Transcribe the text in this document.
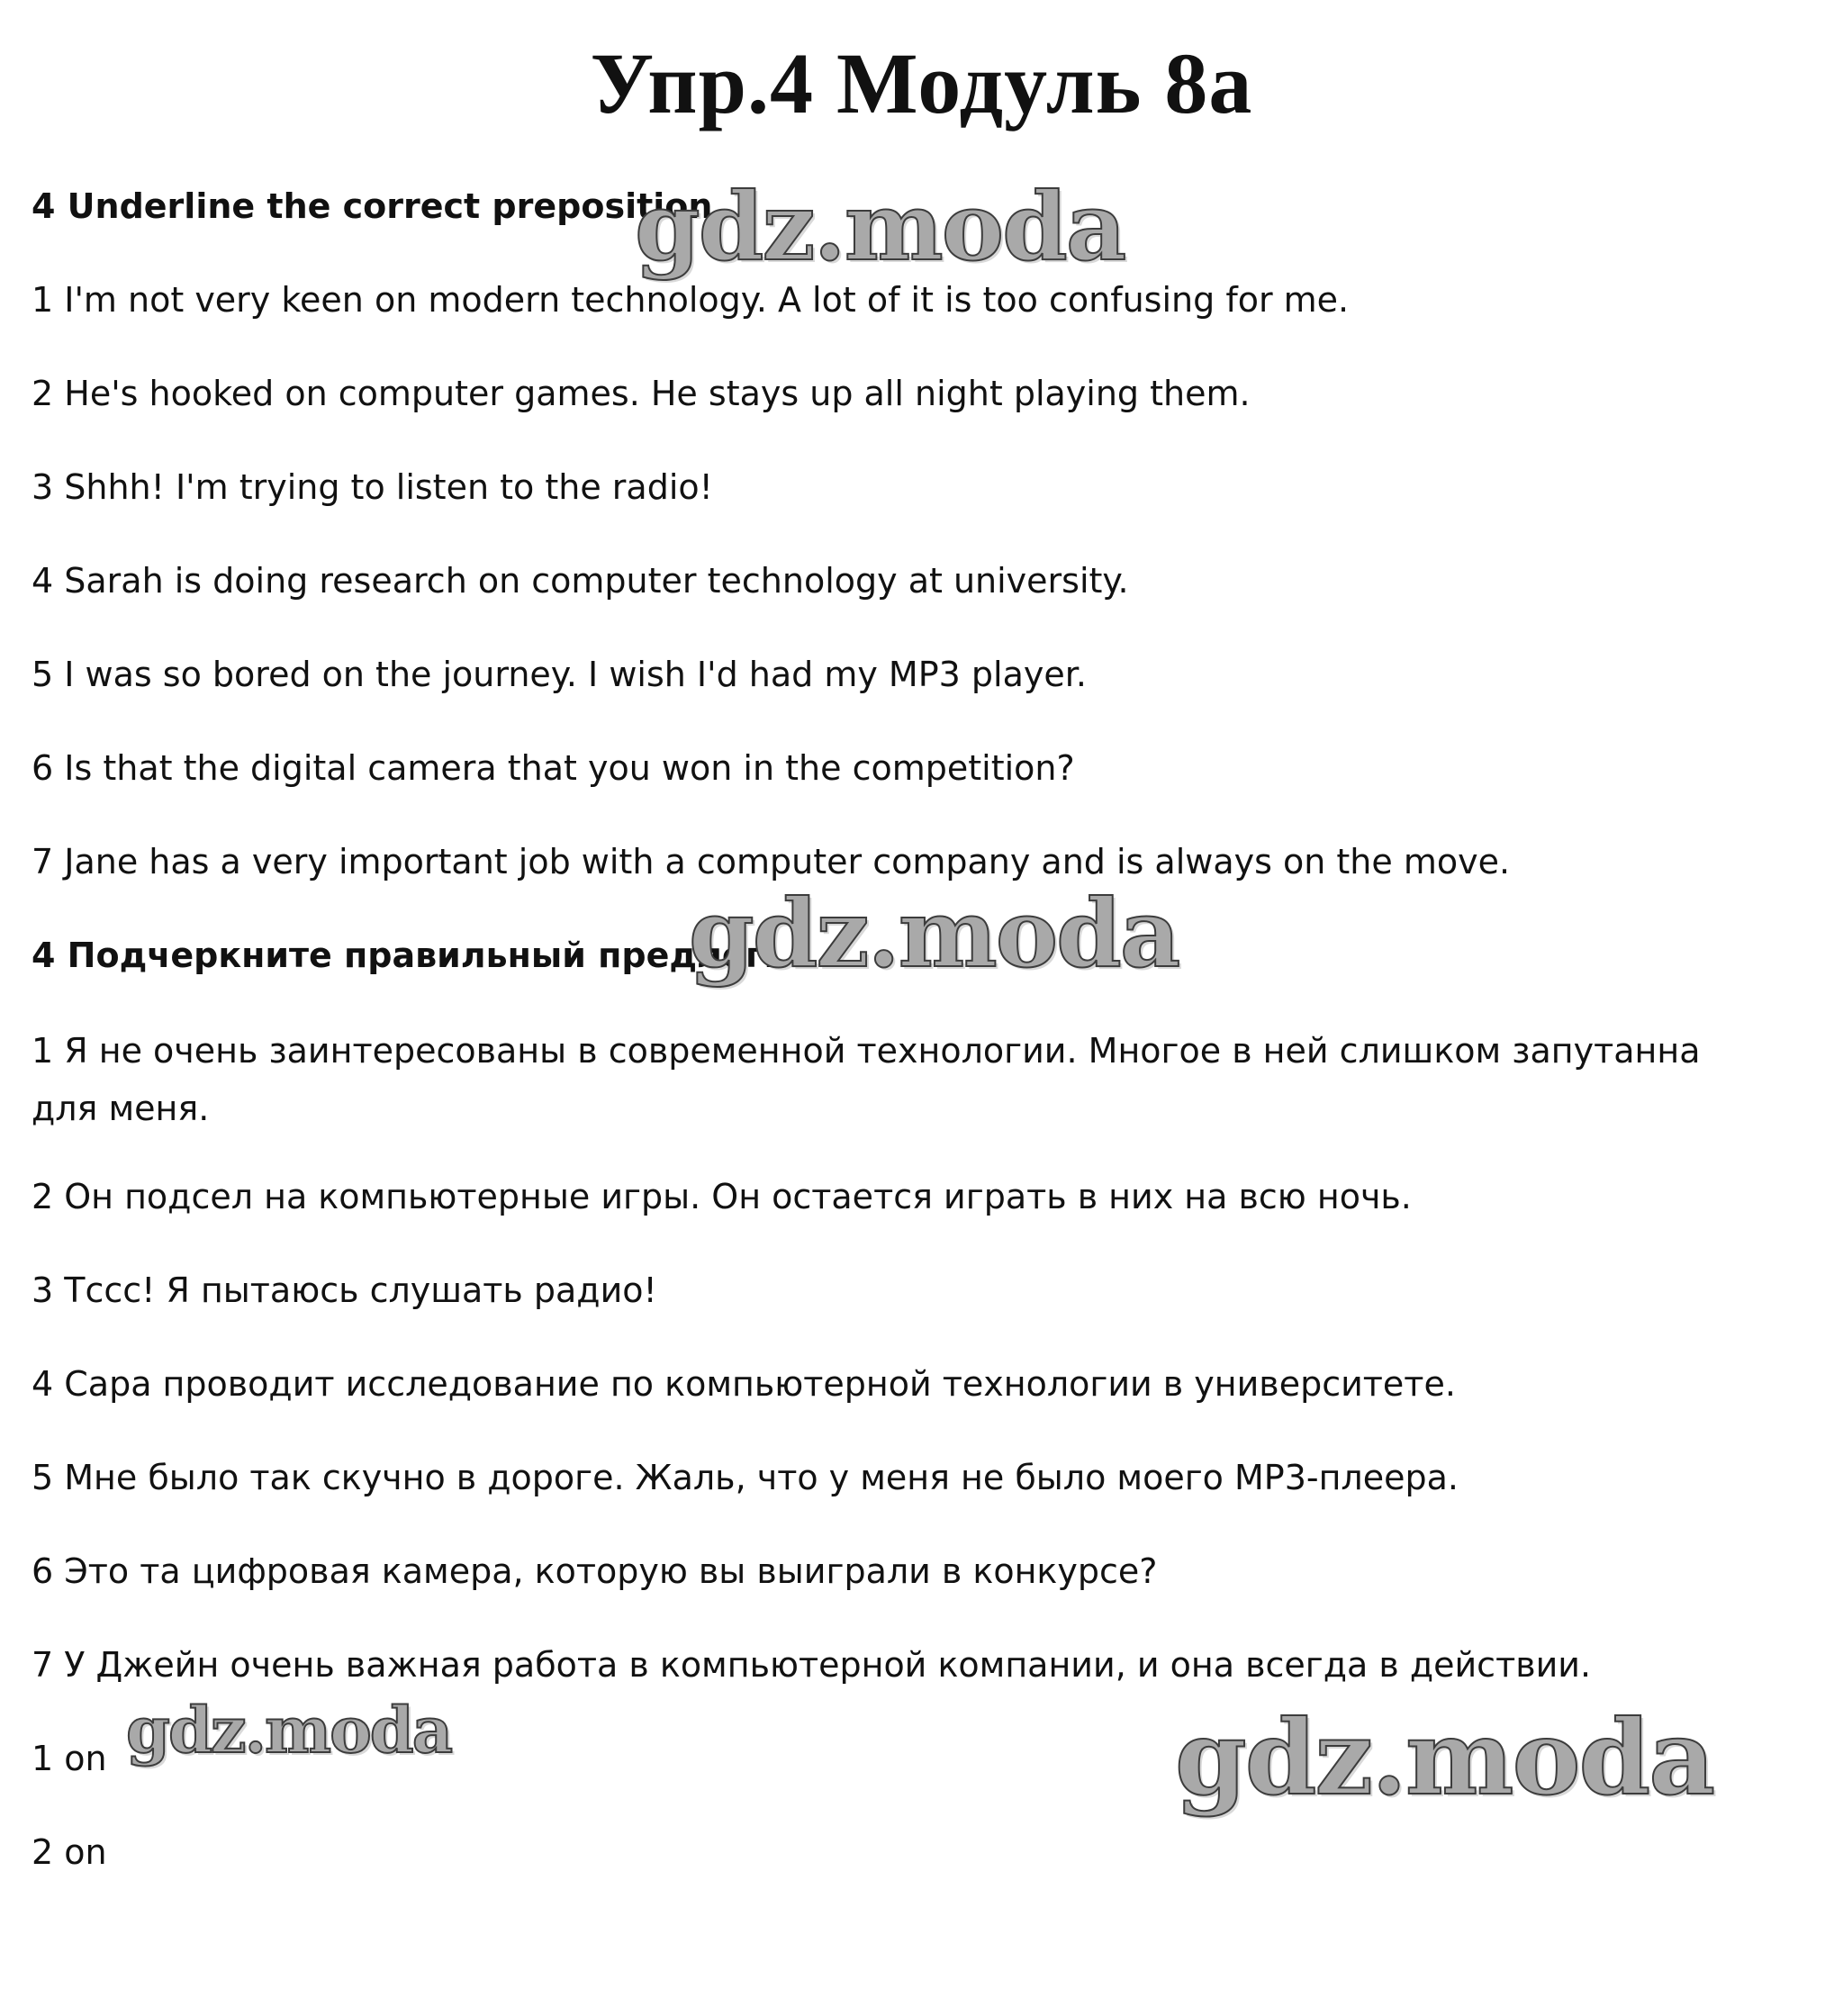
Упр.4 Модуль 8a

4 Underline the correct preposition.

1 I'm not very keen on modern technology. A lot of it is too confusing for me.

2 He's hooked on computer games. He stays up all night playing them.

3 Shhh! I'm trying to listen to the radio!

4 Sarah is doing research on computer technology at university.

5 I was so bored on the journey. I wish I'd had my MP3 player.

6 Is that the digital camera that you won in the competition?

7 Jane has a very important job with a computer company and is always on the move.

4 Подчеркните правильный предлог.

1 Я не очень заинтересованы в современной технологии. Многое в ней слишком запутанна для меня.

2 Он подсел на компьютерные игры. Он остается играть в них на всю ночь.

3 Тссс! Я пытаюсь слушать радио!

4 Сара проводит исследование по компьютерной технологии в университете.

5 Мне было так скучно в дороге. Жаль, что у меня не было моего MP3-плеера.

6 Это та цифровая камера, которую вы выиграли в конкурсе?

7 У Джейн очень важная работа в компьютерной компании, и она всегда в действии.

1 on

2 on

gdz.moda
gdz.moda
gdz.moda	gdz.moda
